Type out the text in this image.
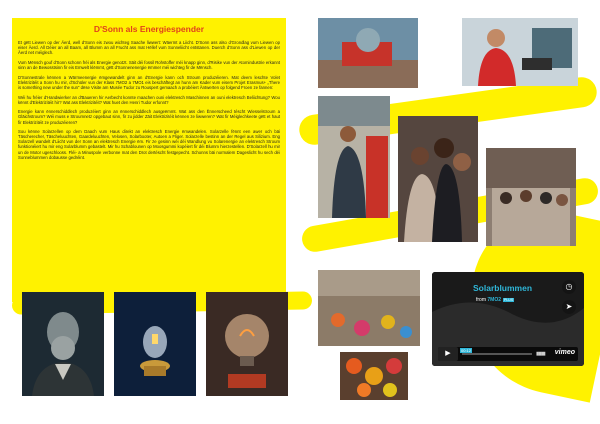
D'Sonn als Energiespender

Et gëtt Liewen op der Äerd, well d'Sonn eis zwou wichteg Saache liwwert: Wäermt a Liicht. D'Sonn ass also d'Grondlag vum Liewen op eiser Äerd. All Déier an all Baam, all Blumm an all Frucht ass mat Hëllef vum Sonneliicht entstanen. Duerch d'Sonn ass d'Liewen op der Äerd net méiglech.

Vum Mënsch gouf d'Sonn schonn fréi als Energie genotzt. Säit déi fossil Rohstoffer méi knapp ginn, d'Risike vun der Atomindustrie erkannt sinn an de Bewosstsinn fir eis Emwelt klëmmt, gëtt d'Sonnenenergie ëmmer méi wichteg fir de Mënsch.

D'Sonnestrale kënnen a Wärmeenergie ëmgewandelt ginn an d'Energie kann och Stroum produzéieren. Mat deem leschte Volet Elektrizitéit a Sonn hu mir, d'Schüler vun der Klass 7MO2 a 7MO1 eis beschäftegt an hunn am Kader vum eisem Projet Erasmus+ „There is something new under the sun“ dëse Visite am Musée Tudor zu Rouspert gemaach a probéiert Äntwerten op folgend Froen ze fannen:

Wéi hu fréier d'Handwierker an d'Baueren hir Aerbecht konnte maachen ouni elektresch Maschinnen an ouni elektresch Beliichtung? Wou kënnt d'Elektrizitéit hir? Wat ass Elektrizitéit? Wat huet den Henri Tudor erfonnt?

Energie kann ënnerschiddlech produzéiert ginn an ënnerschiddlech ausgeëmmt. Wat ass den Ënnerscheed téscht Wiesselstroum a Gläichstroum? Wéi muss e Stroumnetz opgebaut sinn, fir zu jidder Zäit Elektrizitéit kënnen ze liwweren? Wat fir Méiglechkeete gëtt et haut fir Elektrizitéit ze produzéieren?

Sou kënne Solarzellen op dem Daach vum Haus direkt an elektresch Energie ëmwandelen. Solarzelle fënnt een awer och bäi Täscherecher, Täscheluuchten, Gaardeluuchten, Velosen, Solarbooter, Autoen a Fliger. Solarzelle bestinn an der Regel aus Silizium. Eng Solarzell wandelt d'Liicht vun der Sonn an elektresch Energie ëm. Fir ze gesinn wéi déi Wandlung vu Solarenergie an elektresch Stroum funktionéiert hu mir eng Solarblumm gebastelt. Mir hu Schablounen op Moosgummi kopéiert fir déi Blumm hierzestellen. D'Solarzell hu mir un de Motor ugeschlooss. Fléi- a Minuspole verbonne mat den Drot dertéscht festgepecht. Schonns bäi normalem Dageslicht hu sech déi Sonneblummen dobausse gedréint.

Solarblummen
from 7MO2 PLUS
◷
➤
▶	00:12
▮▮▮▮▮ vimeo
